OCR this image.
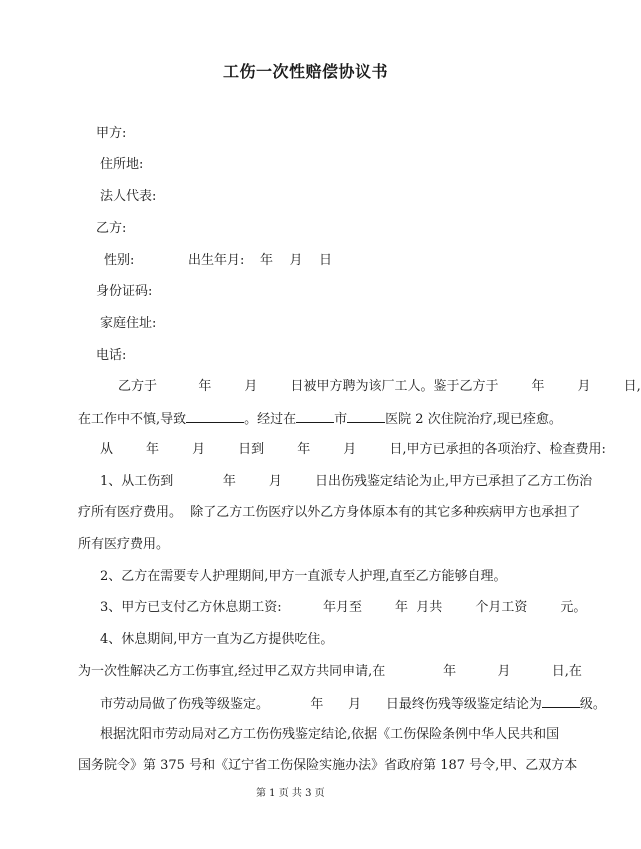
工伤一次性赔偿协议书
甲方:
住所地:
法人代表:
乙方:
性别:	出生年月: 年    月    日
身份证码:
家庭住址:
电话:
乙方于          年        月        日被甲方聘为该厂工人。鉴于乙方于        年        月        日,
在工作中不慎,导致	。经过在	市	医院 2 次住院治疗,现已痊愈。
从        年        月        日到        年        月        日,甲方已承担的各项治疗、检查费用:
1、从工伤到            年        月        日出伤残鉴定结论为止,甲方已承担了乙方工伤治
疗所有医疗费用。  除了乙方工伤医疗以外乙方身体原本有的其它多种疾病甲方也承担了
所有医疗费用。
2、乙方在需要专人护理期间,甲方一直派专人护理,直至乙方能够自理。
3、甲方已支付乙方休息期工资:          年月至        年  月共        个月工资        元。
4、休息期间,甲方一直为乙方提供吃住。
为一次性解决乙方工伤事宜,经过甲乙双方共同申请,在              年          月          日,在
市劳动局做了伤残等级鉴定。          年      月      日最终伤残等级鉴定结论为	级。
根据沈阳市劳动局对乙方工伤伤残鉴定结论,依据《工伤保险条例中华人民共和国
国务院令》第 375 号和《辽宁省工伤保险实施办法》省政府第 187 号令,甲、乙双方本
第 1 页 共 3 页
